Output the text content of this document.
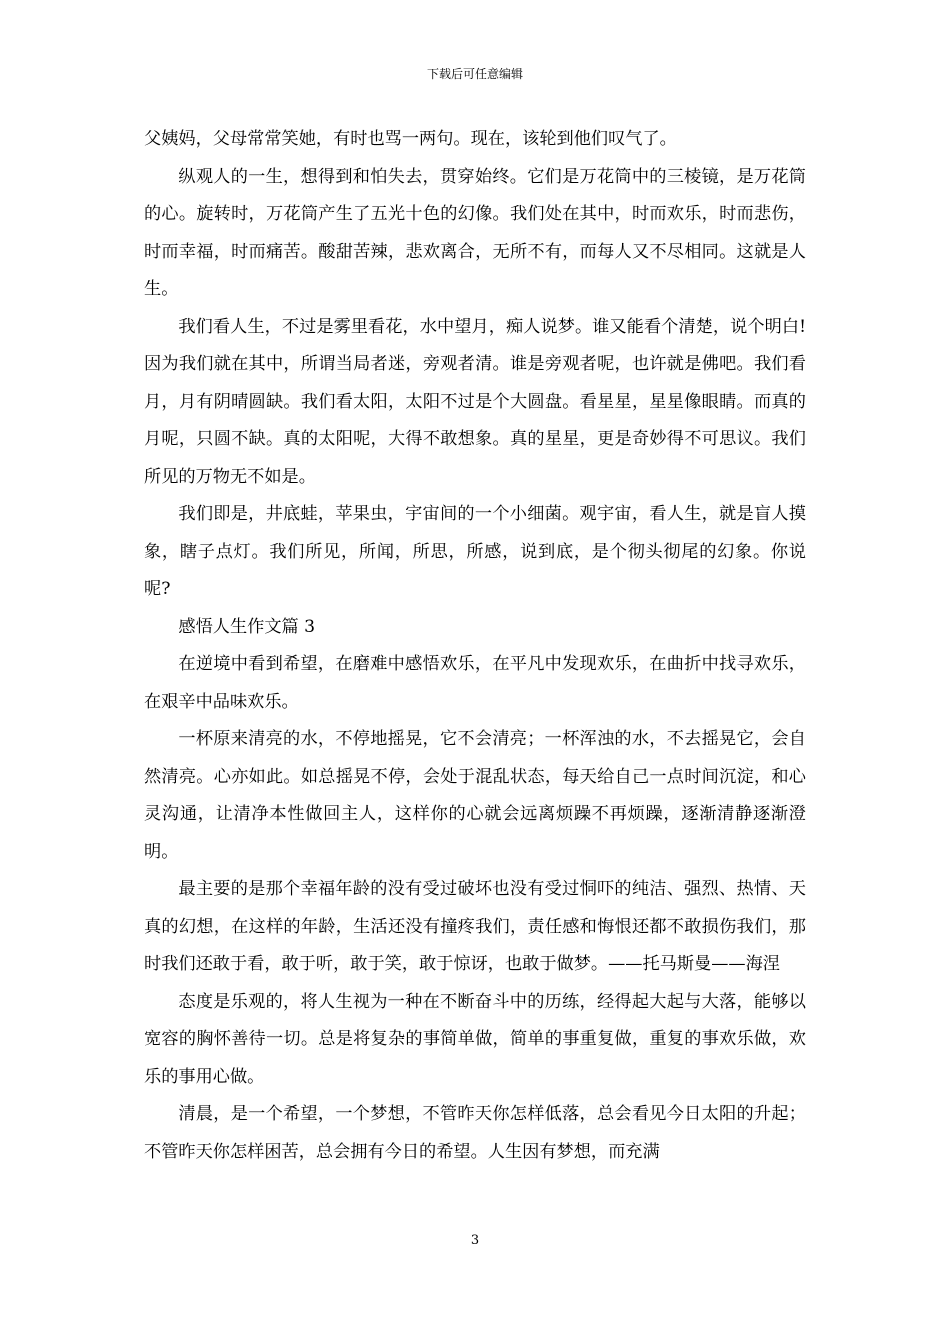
下载后可任意编辑

父姨妈，父母常常笑她，有时也骂一两句。现在，该轮到他们叹气了。

纵观人的一生，想得到和怕失去，贯穿始终。它们是万花筒中的三棱镜，是万花筒的心。旋转时，万花筒产生了五光十色的幻像。我们处在其中，时而欢乐，时而悲伤，时而幸福，时而痛苦。酸甜苦辣，悲欢离合，无所不有，而每人又不尽相同。这就是人生。

我们看人生，不过是雾里看花，水中望月，痴人说梦。谁又能看个清楚，说个明白!因为我们就在其中，所谓当局者迷，旁观者清。谁是旁观者呢，也许就是佛吧。我们看月，月有阴晴圆缺。我们看太阳，太阳不过是个大圆盘。看星星，星星像眼睛。而真的月呢，只圆不缺。真的太阳呢，大得不敢想象。真的星星，更是奇妙得不可思议。我们所见的万物无不如是。

我们即是，井底蛙，苹果虫，宇宙间的一个小细菌。观宇宙，看人生，就是盲人摸象，瞎子点灯。我们所见，所闻，所思，所感，说到底，是个彻头彻尾的幻象。你说呢?

感悟人生作文篇 3

在逆境中看到希望，在磨难中感悟欢乐，在平凡中发现欢乐，在曲折中找寻欢乐，在艰辛中品味欢乐。

一杯原来清亮的水，不停地摇晃，它不会清亮；一杯浑浊的水，不去摇晃它，会自然清亮。心亦如此。如总摇晃不停，会处于混乱状态，每天给自己一点时间沉淀，和心灵沟通，让清净本性做回主人，这样你的心就会远离烦躁不再烦躁，逐渐清静逐渐澄明。

最主要的是那个幸福年龄的没有受过破坏也没有受过恫吓的纯洁、强烈、热情、天真的幻想，在这样的年龄，生活还没有撞疼我们，责任感和悔恨还都不敢损伤我们，那时我们还敢于看，敢于听，敢于笑，敢于惊讶，也敢于做梦。——托马斯曼——海涅

态度是乐观的，将人生视为一种在不断奋斗中的历练，经得起大起与大落，能够以宽容的胸怀善待一切。总是将复杂的事简单做，简单的事重复做，重复的事欢乐做，欢乐的事用心做。

清晨，是一个希望，一个梦想，不管昨天你怎样低落，总会看见今日太阳的升起；不管昨天你怎样困苦，总会拥有今日的希望。人生因有梦想，而充满

3
